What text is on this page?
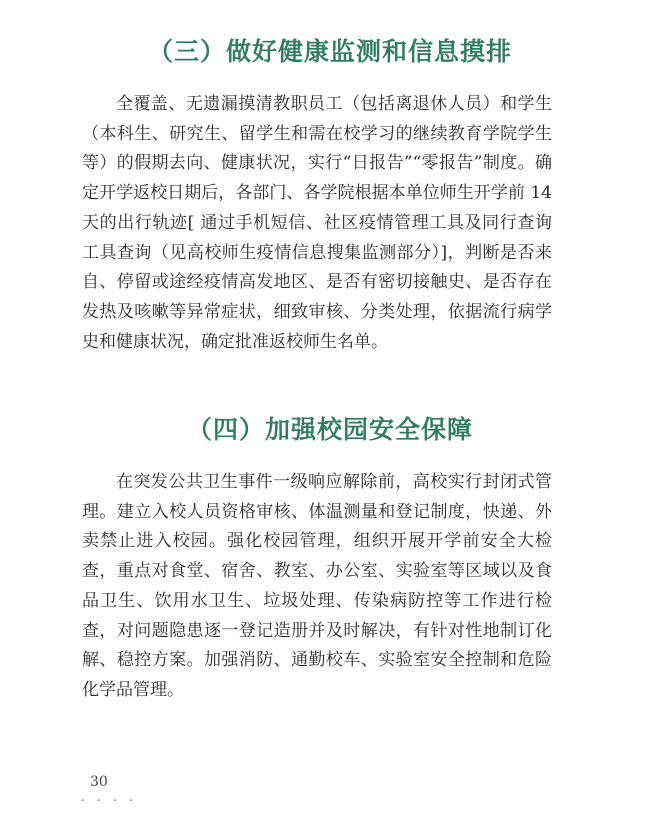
（三）做好健康监测和信息摸排

全覆盖、无遗漏摸清教职员工（包括离退休人员）和学生（本科生、研究生、留学生和需在校学习的继续教育学院学生等）的假期去向、健康状况，实行“日报告”“零报告”制度。确定开学返校日期后，各部门、各学院根据本单位师生开学前 14 天的出行轨迹[ 通过手机短信、社区疫情管理工具及同行查询工具查询（见高校师生疫情信息搜集监测部分）]，判断是否来自、停留或途经疫情高发地区、是否有密切接触史、是否存在发热及咳嗽等异常症状，细致审核、分类处理，依据流行病学史和健康状况，确定批准返校师生名单。

（四）加强校园安全保障

在突发公共卫生事件一级响应解除前，高校实行封闭式管理。建立入校人员资格审核、体温测量和登记制度，快递、外卖禁止进入校园。强化校园管理，组织开展开学前安全大检查，重点对食堂、宿舍、教室、办公室、实验室等区域以及食品卫生、饮用水卫生、垃圾处理、传染病防控等工作进行检查，对问题隐患逐一登记造册并及时解决，有针对性地制订化解、稳控方案。加强消防、通勤校车、实验室安全控制和危险化学品管理。

30
- - - -
